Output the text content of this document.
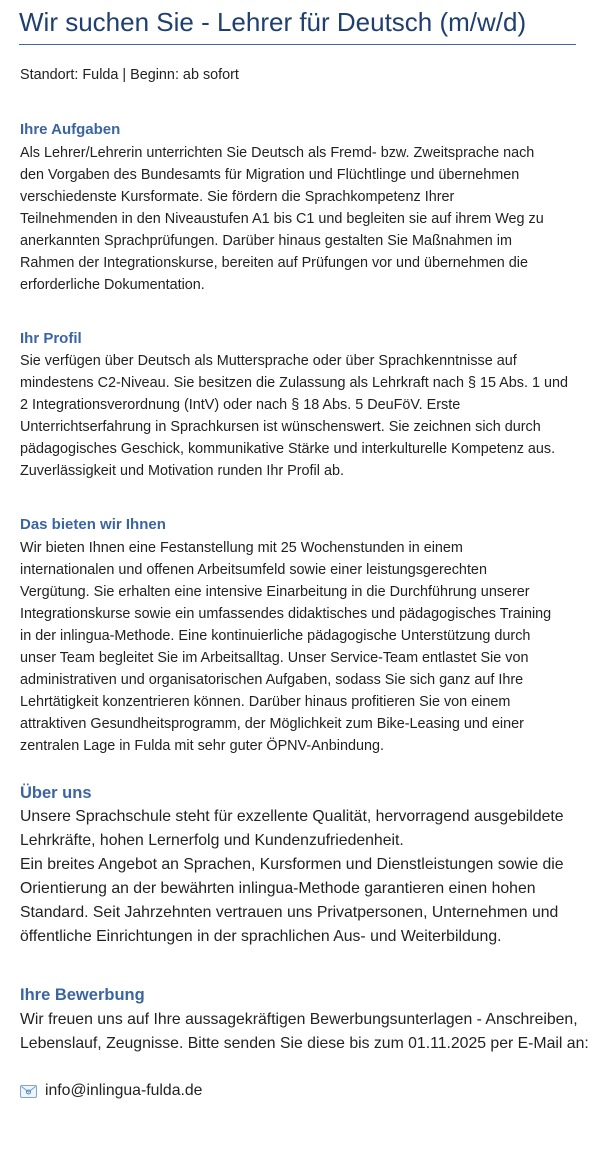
Wir suchen Sie - Lehrer für Deutsch (m/w/d)
Standort: Fulda | Beginn: ab sofort
Ihre Aufgaben
Als Lehrer/Lehrerin unterrichten Sie Deutsch als Fremd- bzw. Zweitsprache nach
den Vorgaben des Bundesamts für Migration und Flüchtlinge und übernehmen
verschiedenste Kursformate. Sie fördern die Sprachkompetenz Ihrer
Teilnehmenden in den Niveaustufen A1 bis C1 und begleiten sie auf ihrem Weg zu
anerkannten Sprachprüfungen. Darüber hinaus gestalten Sie Maßnahmen im
Rahmen der Integrationskurse, bereiten auf Prüfungen vor und übernehmen die
erforderliche Dokumentation.
Ihr Profil
Sie verfügen über Deutsch als Muttersprache oder über Sprachkenntnisse auf
mindestens C2-Niveau. Sie besitzen die Zulassung als Lehrkraft nach § 15 Abs. 1 und
2 Integrationsverordnung (IntV) oder nach § 18 Abs. 5 DeuFöV. Erste
Unterrichtserfahrung in Sprachkursen ist wünschenswert. Sie zeichnen sich durch
pädagogisches Geschick, kommunikative Stärke und interkulturelle Kompetenz aus.
Zuverlässigkeit und Motivation runden Ihr Profil ab.
Das bieten wir Ihnen
Wir bieten Ihnen eine Festanstellung mit 25 Wochenstunden in einem
internationalen und offenen Arbeitsumfeld sowie einer leistungsgerechten
Vergütung. Sie erhalten eine intensive Einarbeitung in die Durchführung unserer
Integrationskurse sowie ein umfassendes didaktisches und pädagogisches Training
in der inlingua-Methode. Eine kontinuierliche pädagogische Unterstützung durch
unser Team begleitet Sie im Arbeitsalltag. Unser Service-Team entlastet Sie von
administrativen und organisatorischen Aufgaben, sodass Sie sich ganz auf Ihre
Lehrtätigkeit konzentrieren können. Darüber hinaus profitieren Sie von einem
attraktiven Gesundheitsprogramm, der Möglichkeit zum Bike-Leasing und einer
zentralen Lage in Fulda mit sehr guter ÖPNV-Anbindung.
Über uns
Unsere Sprachschule steht für exzellente Qualität, hervorragend ausgebildete
Lehrkräfte, hohen Lernerfolg und Kundenzufriedenheit.
Ein breites Angebot an Sprachen, Kursformen und Dienstleistungen sowie die
Orientierung an der bewährten inlingua-Methode garantieren einen hohen
Standard. Seit Jahrzehnten vertrauen uns Privatpersonen, Unternehmen und
öffentliche Einrichtungen in der sprachlichen Aus- und Weiterbildung.
Ihre Bewerbung
Wir freuen uns auf Ihre aussagekräftigen Bewerbungsunterlagen - Anschreiben,
Lebenslauf, Zeugnisse. Bitte senden Sie diese bis zum 01.11.2025 per E-Mail an:
info@inlingua-fulda.de
